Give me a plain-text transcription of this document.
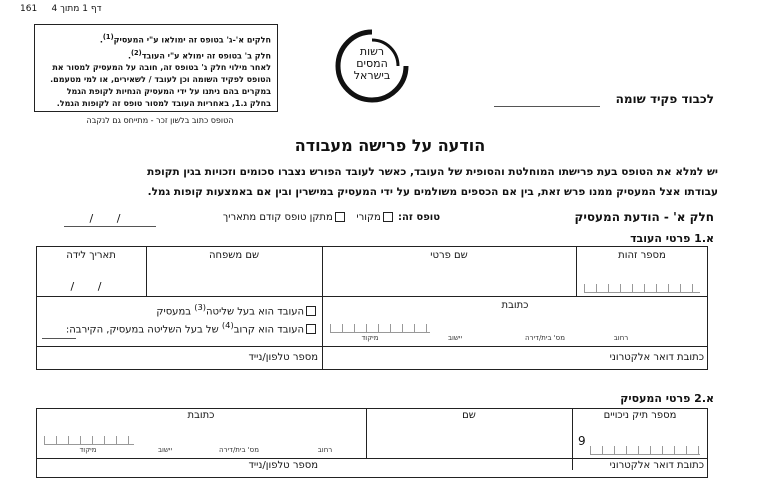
161 דף 1 מתוך 4
חלקים א'-ג' בטופס זה ימולאו ע"י המעסיק$^{(1)}$.
חלק ב' בטופס זה ימולא ע"י העובד$^{(2)}$.
לאחר מילוי חלק ג' בטופס זה, חובה על המעסיק למסור את
הטופס לפקיד השומה וכן לעובד / לשאירים, או למי מטעמם.
במקרים בהם ניתנו על ידי המעסיק הנחיות לקופת הגמל
בחלק ג.1, באחריות העובד למסור טופס זה לקופות הגמל.
הטופס כתוב בלשון זכר - מתייחס גם לנקבה
רשות
המסים
בישראל
לכבוד פקיד שומה
הודעה על פרישה מעבודה
יש למלא את הטופס בעת פרישתו המוחלטת והסופית של העובד, כאשר לעובד הפורש נצברו סכומים וזכויות בגין תקופת
עבודתו אצל המעסיק ממנו פרש זאת, בין אם הכספים משולמים על ידי המעסיק במישרין ובין אם באמצעות קופות גמל.
חלק א' - הודעת המעסיק
טופס זה: מקורי   מתקן טופס קודם מתאריך
/ /
א.1 פרטי העובד
מספר זהות
שם פרטי
שם משפחה
תאריך לידה
/ /
כתובת
רחוב
מס' בית/דירה
יישוב
מיקוד
העובד הוא בעל שליטה$^{(3)}$ במעסיק
העובד הוא קרוב$^{(4)}$ של בעל השליטה במעסיק, הקירבה:
כתובת דואר אלקטרוני
מספר טלפון/נייד
א.2 פרטי המעסיק
מספר תיק ניכויים
9
שם
כתובת
רחוב
מס' בית/דירה
יישוב
מיקוד
כתובת דואר אלקטרוני
מספר טלפון/נייד
